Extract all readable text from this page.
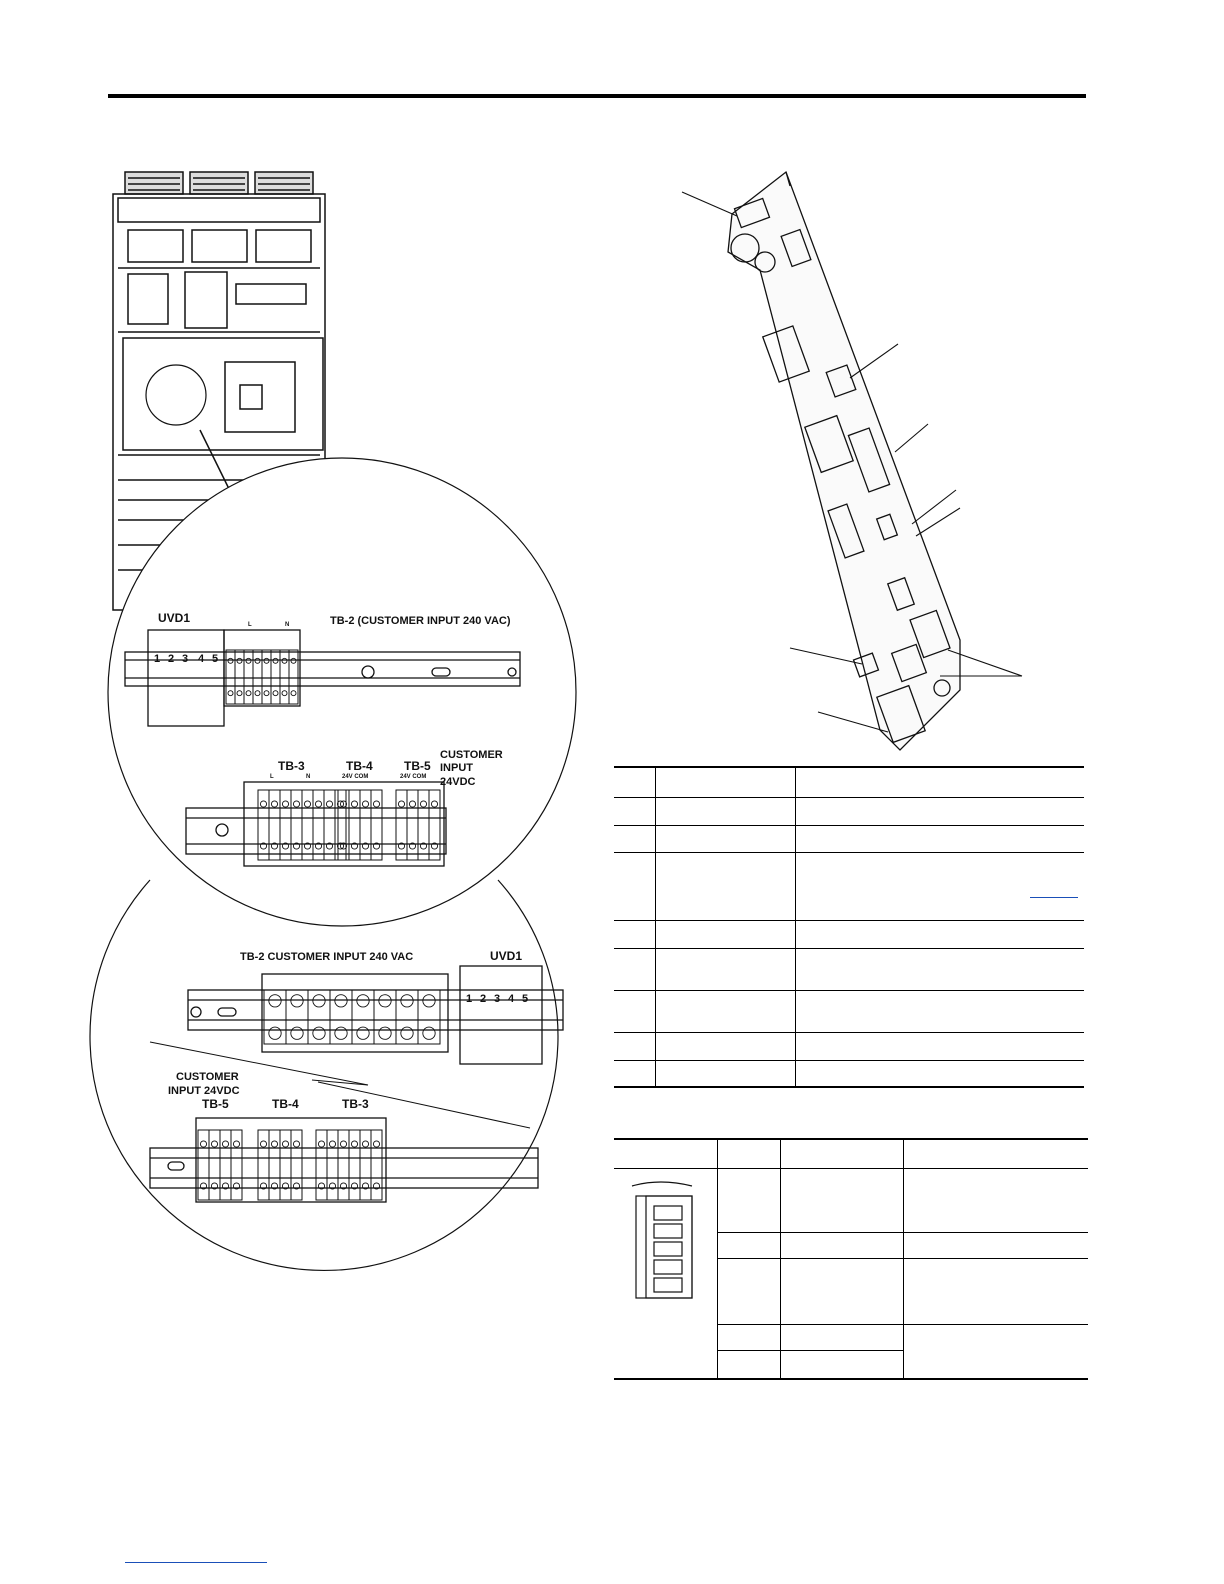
UVD1	TB-2 (CUSTOMER INPUT 240 VAC)
L	N
1 2 3 4 5
TB-3	TB-4	TB-5
L	N	24V COM	24V COM
CUSTOMER
INPUT
24VDC
TB-2 CUSTOMER INPUT 240 VAC	UVD1
1 2 3 4 5
CUSTOMER
INPUT 24VDC
TB-5	TB-4	TB-3
